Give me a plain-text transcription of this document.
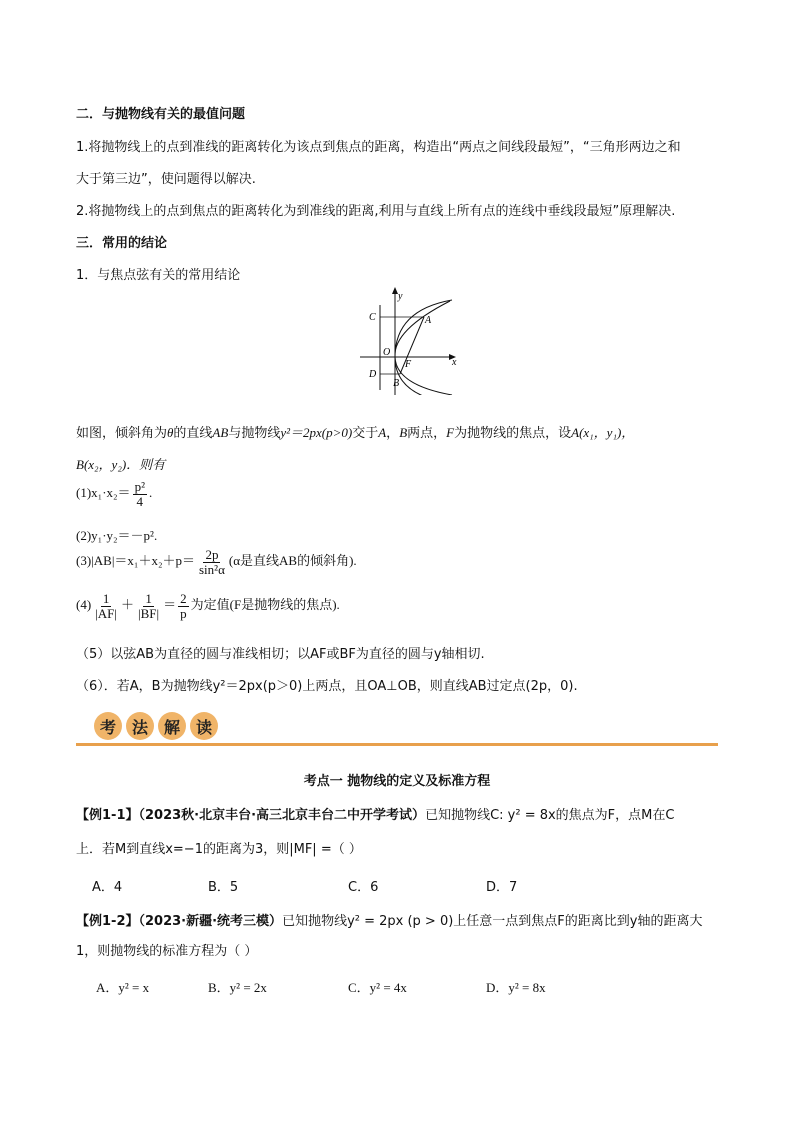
二．与抛物线有关的最值问题
1.将抛物线上的点到准线的距离转化为该点到焦点的距离，构造出“两点之间线段最短”，“三角形两边之和
大于第三边”，使问题得以解决.
2.将抛物线上的点到焦点的距离转化为到准线的距离,利用与直线上所有点的连线中垂线段最短”原理解决.
三．常用的结论
1．与焦点弦有关的常用结论
y
x
O
A
B
C
D
F
如图，倾斜角为θ的直线AB与抛物线y²＝2px(p>0)交于A，B两点，F为抛物线的焦点，设A(x₁，y₁)，
B(x₂，y₂)．则有
$(1)x_1\cdot x_2= \frac{\text{p²}}{4}$ .
(2)y₁·y₂＝－p².
$(3)|AB|=x_1+x_2+p= \frac{2p}{\text{sin²α}} (\alpha$是直线AB的倾斜角).
$(4) \frac{1}{|AF|} + \frac{1}{|BF|} = \frac{2}{p}$ 为定值(F是抛物线的焦点).
（5）以弦AB为直径的圆与准线相切；以AF或BF为直径的圆与y轴相切.
（6）．若A，B为抛物线y²＝2px(p＞0)上两点，且OA⊥OB，则直线AB过定点(2p，0).
考 法 解 读
考点一 抛物线的定义及标准方程
【例1-1】（2023秋·北京丰台·高三北京丰台二中开学考试）已知抛物线C: y² = 8x的焦点为F，点M在C
上．若M到直线x=−1的距离为3，则|MF| =（ ）
A．4	B．5	C．6	D．7
【例1-2】（2023·新疆·统考三模）已知抛物线y² = 2px (p > 0)上任意一点到焦点F的距离比到y轴的距离大
1，则抛物线的标准方程为（ ）
A．y² = x	B．y² = 2x	C．y² = 4x	D．y² = 8x
